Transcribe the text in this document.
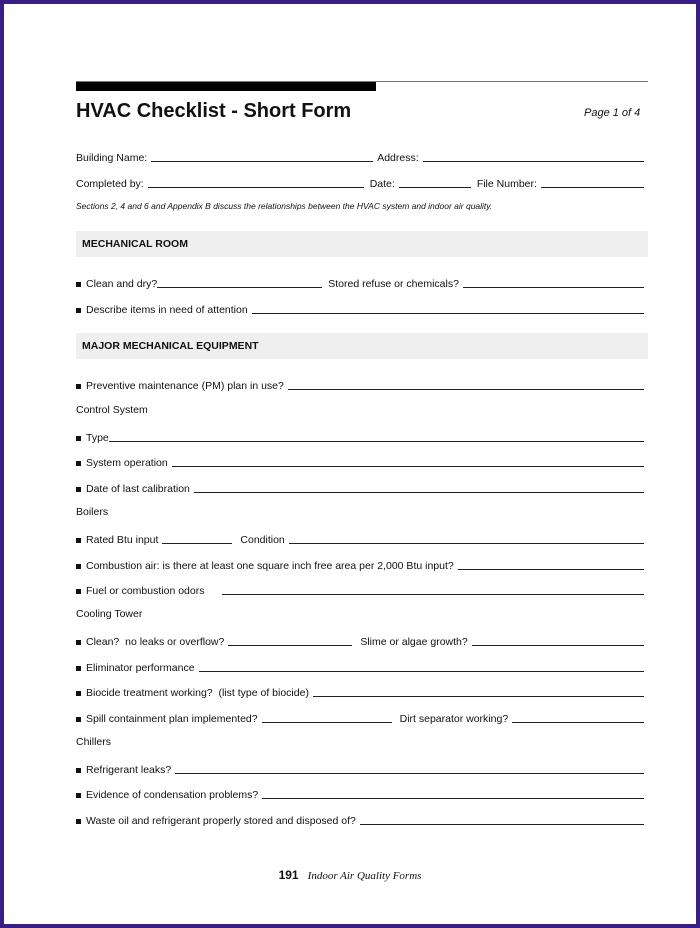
HVAC Checklist - Short Form	Page 1 of 4
Building Name:	Address:
Completed by:	Date:	File Number:
Sections 2, 4 and 6 and Appendix B discuss the relationships between the HVAC system and indoor air quality.
MECHANICAL ROOM
Clean and dry?	Stored refuse or chemicals?
Describe items in need of attention
MAJOR MECHANICAL EQUIPMENT
Preventive maintenance (PM) plan in use?
Control System
Type
System operation
Date of last calibration
Boilers
Rated Btu input	Condition
Combustion air: is there at least one square inch free area per 2,000 Btu input?
Fuel or combustion odors
Cooling Tower
Clean?  no leaks or overflow?	Slime or algae growth?
Eliminator performance
Biocide treatment working?  (list type of biocide)
Spill containment plan implemented?	Dirt separator working?
Chillers
Refrigerant leaks?
Evidence of condensation problems?
Waste oil and refrigerant properly stored and disposed of?
191 Indoor Air Quality Forms
